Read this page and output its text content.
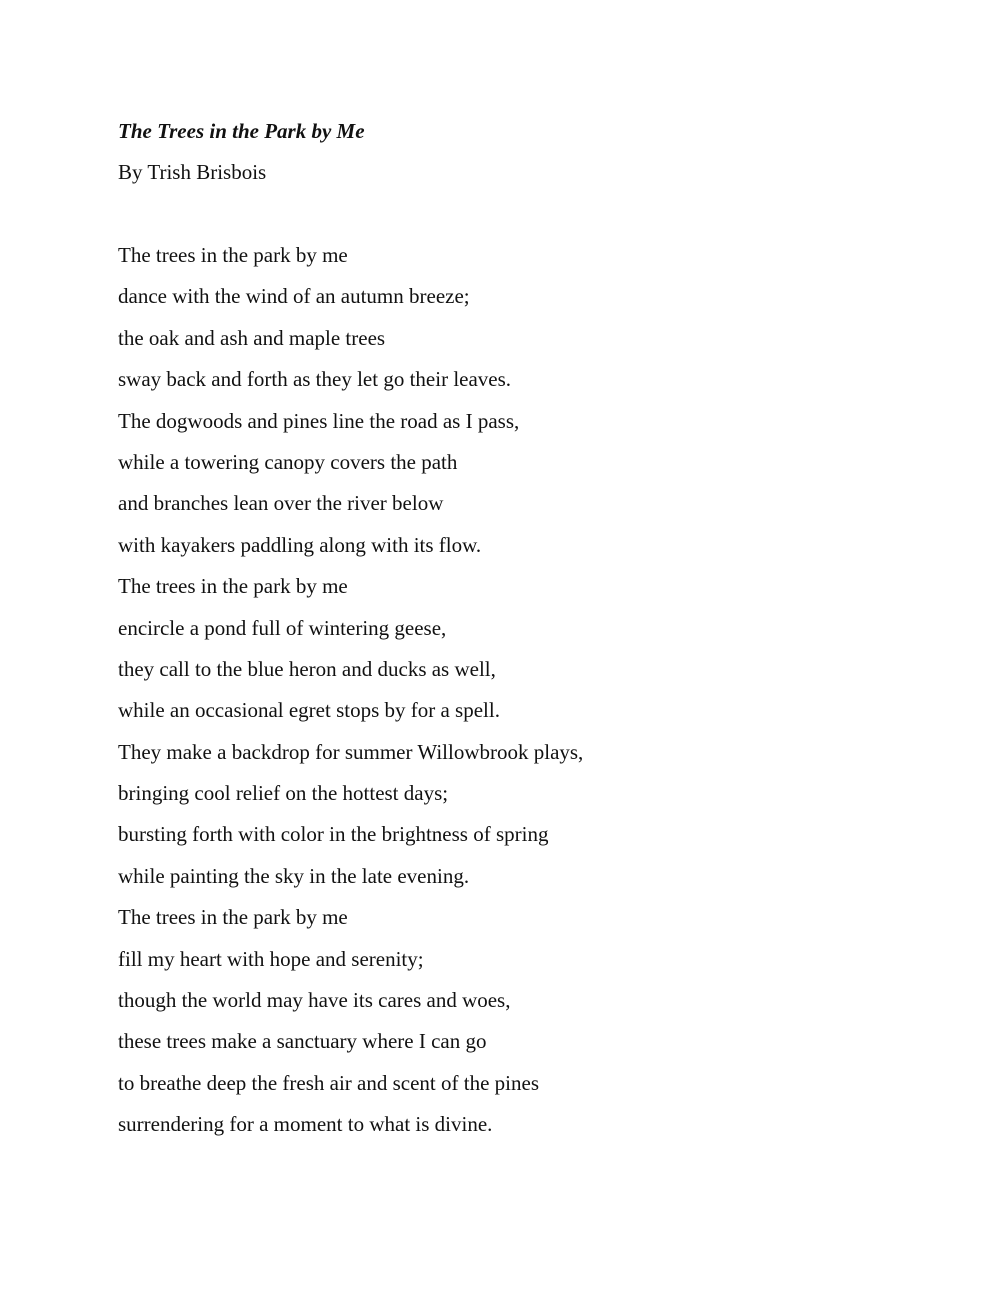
The Trees in the Park by Me

By Trish Brisbois

The trees in the park by me
dance with the wind of an autumn breeze;
the oak and ash and maple trees
sway back and forth as they let go their leaves.
The dogwoods and pines line the road as I pass,
while a towering canopy covers the path
and branches lean over the river below
with kayakers paddling along with its flow.
The trees in the park by me
encircle a pond full of wintering geese,
they call to the blue heron and ducks as well,
while an occasional egret stops by for a spell.
They make a backdrop for summer Willowbrook plays,
bringing cool relief on the hottest days;
bursting forth with color in the brightness of spring
while painting the sky in the late evening.
The trees in the park by me
fill my heart with hope and serenity;
though the world may have its cares and woes,
these trees make a sanctuary where I can go
to breathe deep the fresh air and scent of the pines
surrendering for a moment to what is divine.
